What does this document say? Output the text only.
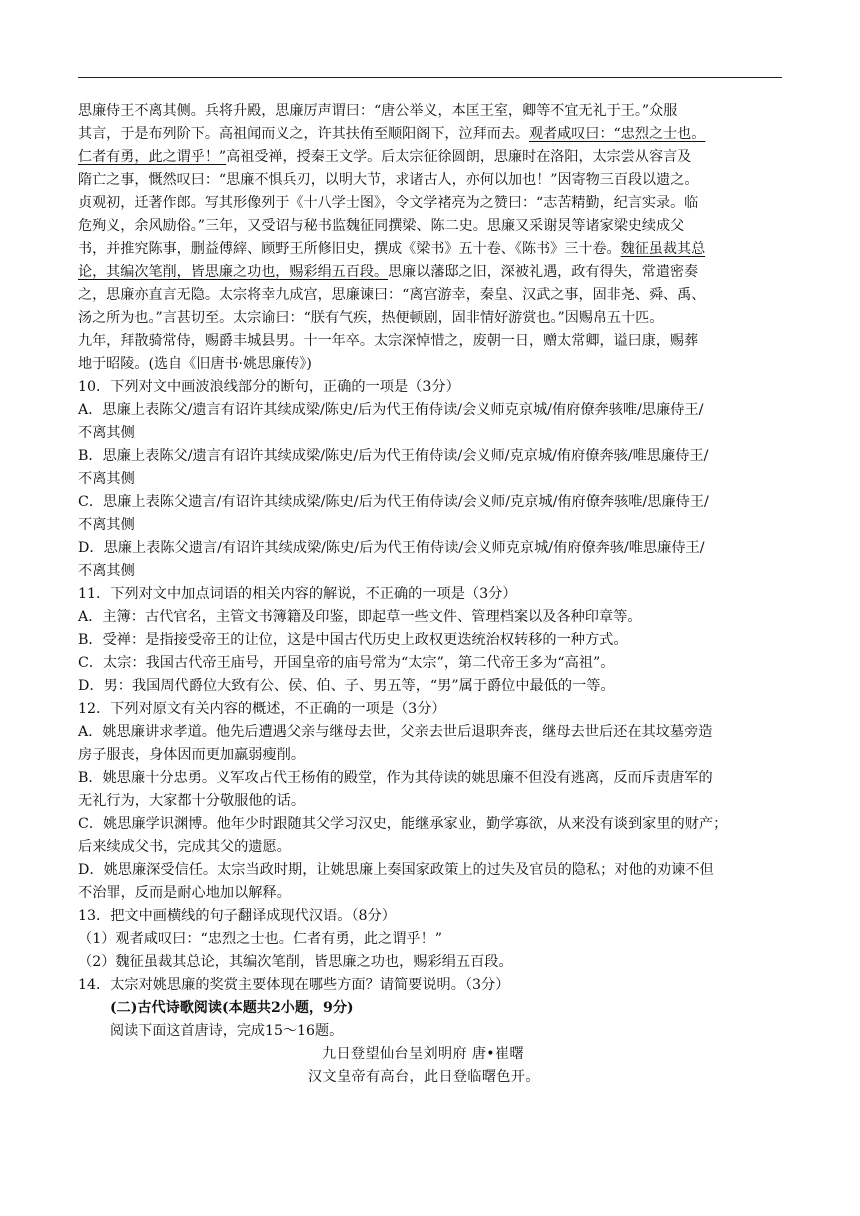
思廉侍王不离其侧。兵将升殿，思廉厉声谓曰：“唐公举义，本匡王室，卿等不宜无礼于王。”众服
其言，于是布列阶下。高祖闻而义之，许其扶侑至顺阳阁下，泣拜而去。观者咸叹曰：“忠烈之士也。
仁者有勇，此之谓乎！”高祖受禅，授秦王文学。后太宗征徐圆朗，思廉时在洛阳，太宗尝从容言及
隋亡之事，慨然叹曰：“思廉不惧兵刃，以明大节，求诸古人，亦何以加也！”因寄物三百段以遗之。
贞观初，迁著作郎。写其形像列于《十八学士图》，令文学褚亮为之赞曰：“志苦精勤，纪言实录。临
危殉义，余风励俗。”三年，又受诏与秘书监魏征同撰梁、陈二史。思廉又采谢炅等诸家梁史续成父
书，并推究陈事，删益傅縡、顾野王所修旧史，撰成《梁书》五十卷、《陈书》三十卷。魏征虽裁其总
论，其编次笔削，皆思廉之功也，赐彩绢五百段。思廉以藩邸之旧，深被礼遇，政有得失，常遣密奏
之，思廉亦直言无隐。太宗将幸九成宫，思廉谏曰：“离宫游幸，秦皇、汉武之事，固非尧、舜、禹、
汤之所为也。”言甚切至。太宗谕曰：“朕有气疾，热便顿剧，固非情好游赏也。”因赐帛五十匹。
九年，拜散骑常侍，赐爵丰城县男。十一年卒。太宗深悼惜之，废朝一日，赠太常卿，谥曰康，赐葬
地于昭陵。(选自《旧唐书·姚思廉传》)
10．下列对文中画波浪线部分的断句，正确的一项是（3分）
A．思廉上表陈父/遗言有诏许其续成梁/陈史/后为代王侑侍读/会义师克京城/侑府僚奔骇唯/思廉侍王/
不离其侧
B．思廉上表陈父/遗言有诏许其续成梁/陈史/后为代王侑侍读/会义师/克京城/侑府僚奔骇/唯思廉侍王/
不离其侧
C．思廉上表陈父遗言/有诏许其续成梁/陈史/后为代王侑侍读/会义师/克京城/侑府僚奔骇唯/思廉侍王/
不离其侧
D．思廉上表陈父遗言/有诏许其续成梁/陈史/后为代王侑侍读/会义师克京城/侑府僚奔骇/唯思廉侍王/
不离其侧
11．下列对文中加点词语的相关内容的解说，不正确的一项是（3分）
A．主簿：古代官名，主管文书簿籍及印鉴，即起草一些文件、管理档案以及各种印章等。
B．受禅：是指接受帝王的让位，这是中国古代历史上政权更迭统治权转移的一种方式。
C．太宗：我国古代帝王庙号，开国皇帝的庙号常为“太宗”，第二代帝王多为“高祖”。
D．男：我国周代爵位大致有公、侯、伯、子、男五等，“男”属于爵位中最低的一等。
12．下列对原文有关内容的概述，不正确的一项是（3分）
A．姚思廉讲求孝道。他先后遭遇父亲与继母去世，父亲去世后退职奔丧，继母去世后还在其坟墓旁造
房子服丧，身体因而更加羸弱瘦削。
B．姚思廉十分忠勇。义军攻占代王杨侑的殿堂，作为其侍读的姚思廉不但没有逃离，反而斥责唐军的
无礼行为，大家都十分敬服他的话。
C．姚思廉学识渊博。他年少时跟随其父学习汉史，能继承家业，勤学寡欲，从来没有谈到家里的财产；
后来续成父书，完成其父的遗愿。
D．姚思廉深受信任。太宗当政时期，让姚思廉上奏国家政策上的过失及官员的隐私；对他的劝谏不但
不治罪，反而是耐心地加以解释。
13．把文中画横线的句子翻译成现代汉语。（8分）
（1）观者咸叹曰：“忠烈之士也。仁者有勇，此之谓乎！”
（2）魏征虽裁其总论，其编次笔削，皆思廉之功也，赐彩绢五百段。
14．太宗对姚思廉的奖赏主要体现在哪些方面？请简要说明。（3分）
(二)古代诗歌阅读(本题共2小题，9分)
阅读下面这首唐诗，完成15～16题。
九日登望仙台呈刘明府 唐•崔曙
汉文皇帝有高台，此日登临曙色开。
